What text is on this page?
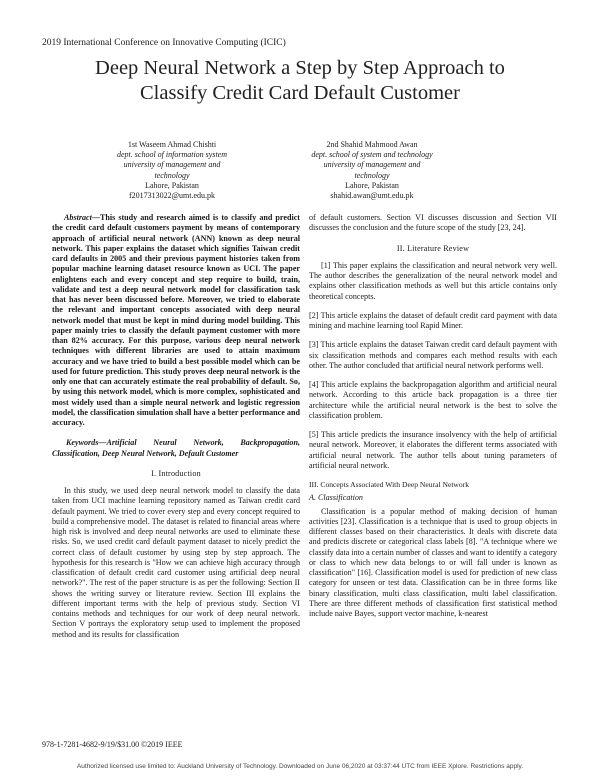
2019 International Conference on Innovative Computing (ICIC)
Deep Neural Network a Step by Step Approach to
Classify Credit Card Default Customer
1st Waseem Ahmad Chishti
dept. school of information system
university of management and
technology
Lahore, Pakistan
f2017313022@umt.edu.pk
2nd Shahid Mahmood Awan
dept. school of system and technology
university of management and
technology
Lahore, Pakistan
shahid.awan@umt.edu.pk

Abstract—This study and research aimed is to classify and predict the credit card default customers payment by means of contemporary approach of artificial neural network (ANN) known as deep neural network. This paper explains the dataset which signifies Taiwan credit card defaults in 2005 and their previous payment histories taken from popular machine learning dataset resource known as UCI. The paper enlightens each and every concept and step require to build, train, validate and test a deep neural network model for classification task that has never been discussed before. Moreover, we tried to elaborate the relevant and important concepts associated with deep neural network model that must be kept in mind during model building. This paper mainly tries to classify the default payment customer with more than 82% accuracy. For this purpose, various deep neural network techniques with different libraries are used to attain maximum accuracy and we have tried to build a best possible model which can be used for future prediction. This study proves deep neural network is the only one that can accurately estimate the real probability of default. So, by using this network model, which is more complex, sophisticated and most widely used than a simple neural network and logistic regression model, the classification simulation shall have a better performance and accuracy.

Keywords—Artificial Neural Network, Backpropagation, Classification, Deep Neural Network, Default Customer

I. Introduction

In this study, we used deep neural network model to classify the data taken from UCI machine learning repository named as Taiwan credit card default payment. We tried to cover every step and every concept required to build a comprehensive model. The dataset is related to financial areas where high risk is involved and deep neural networks are used to eliminate these risks. So, we used credit card default payment dataset to nicely predict the correct class of default customer by using step by step approach. The hypothesis for this research is "How we can achieve high accuracy through classification of default credit card customer using artificial deep neural network?". The rest of the paper structure is as per the following: Section II shows the writing survey or literature review. Section III explains the different important terms with the help of previous study. Section VI contains methods and techniques for our work of deep neural network. Section V portrays the exploratory setup used to implement the proposed method and its results for classification

of default customers. Section VI discusses discussion and Section VII discusses the conclusion and the future scope of the study [23, 24].

II. Literature Review

[1] This paper explains the classification and neural network very well. The author describes the generalization of the neural network model and explains other classification methods as well but this article contains only theoretical concepts.

[2] This article explains the dataset of default credit card payment with data mining and machine learning tool Rapid Miner.

[3] This article explains the dataset Taiwan credit card default payment with six classification methods and compares each method results with each other. The author concluded that artificial neural network performs well.

[4] This article explains the backpropagation algorithm and artificial neural network. According to this article back propagation is a three tier architecture while the artificial neural network is the best to solve the classification problem.

[5] This article predicts the insurance insolvency with the help of artificial neural network. Moreover, it elaborates the different terms associated with artificial neural network. The author tells about tuning parameters of artificial neural network.

III. Concepts Associated With Deep Neural Network

A. Classification

Classification is a popular method of making decision of human activities [23]. Classification is a technique that is used to group objects in different classes based on their characteristics. It deals with discrete data and predicts discrete or categorical class labels [8]. "A technique where we classify data into a certain number of classes and want to identify a category or class to which new data belongs to or will fall under is known as classification" [16]. Classification model is used for prediction of new class category for unseen or test data. Classification can be in three forms like binary classification, multi class classification, multi label classification. There are three different methods of classification first statistical method include naive Bayes, support vector machine, k-nearest

978-1-7281-4682-9/19/$31.00 ©2019 IEEE
Authorized licensed use limited to: Auckland University of Technology. Downloaded on June 06,2020 at 03:37:44 UTC from IEEE Xplore. Restrictions apply.
